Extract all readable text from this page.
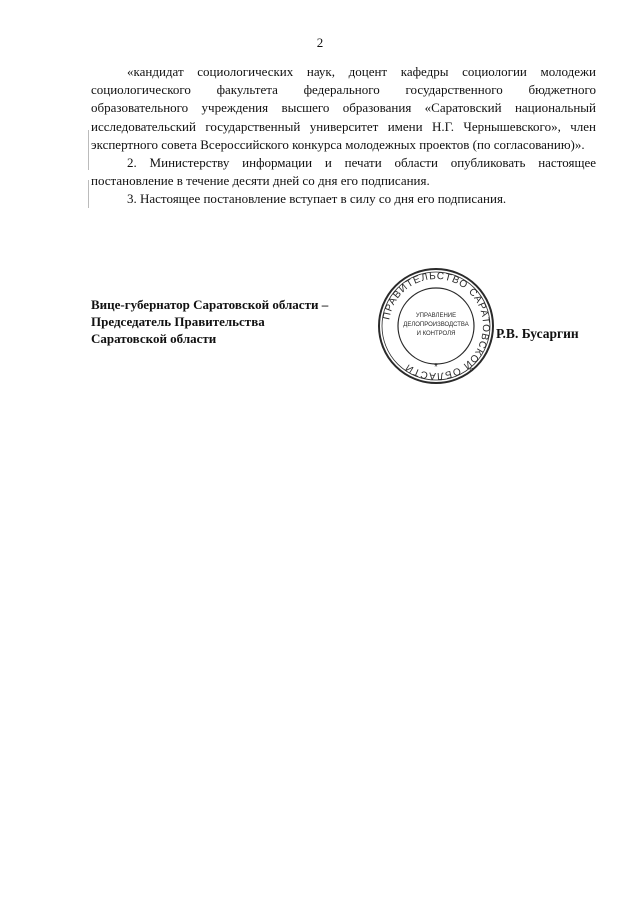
2

«кандидат социологических наук, доцент кафедры социологии молодежи социологического факультета федерального государственного бюджетного образовательного учреждения высшего образования «Саратовский национальный исследовательский государственный университет имени Н.Г. Чернышевского», член экспертного совета Всероссийского конкурса молодежных проектов (по согласованию)».

2. Министерству информации и печати области опубликовать настоящее постановление в течение десяти дней со дня его подписания.

3. Настоящее постановление вступает в силу со дня его подписания.

Вице-губернатор Саратовской области –
Председатель Правительства
Саратовской области
ПРАВИТЕЛЬСТВО САРАТОВСКОЙ ОБЛАСТИ
УПРАВЛЕНИЕ
ДЕЛОПРОИЗВОДСТВА
И КОНТРОЛЯ
*
Р.В. Бусаргин
